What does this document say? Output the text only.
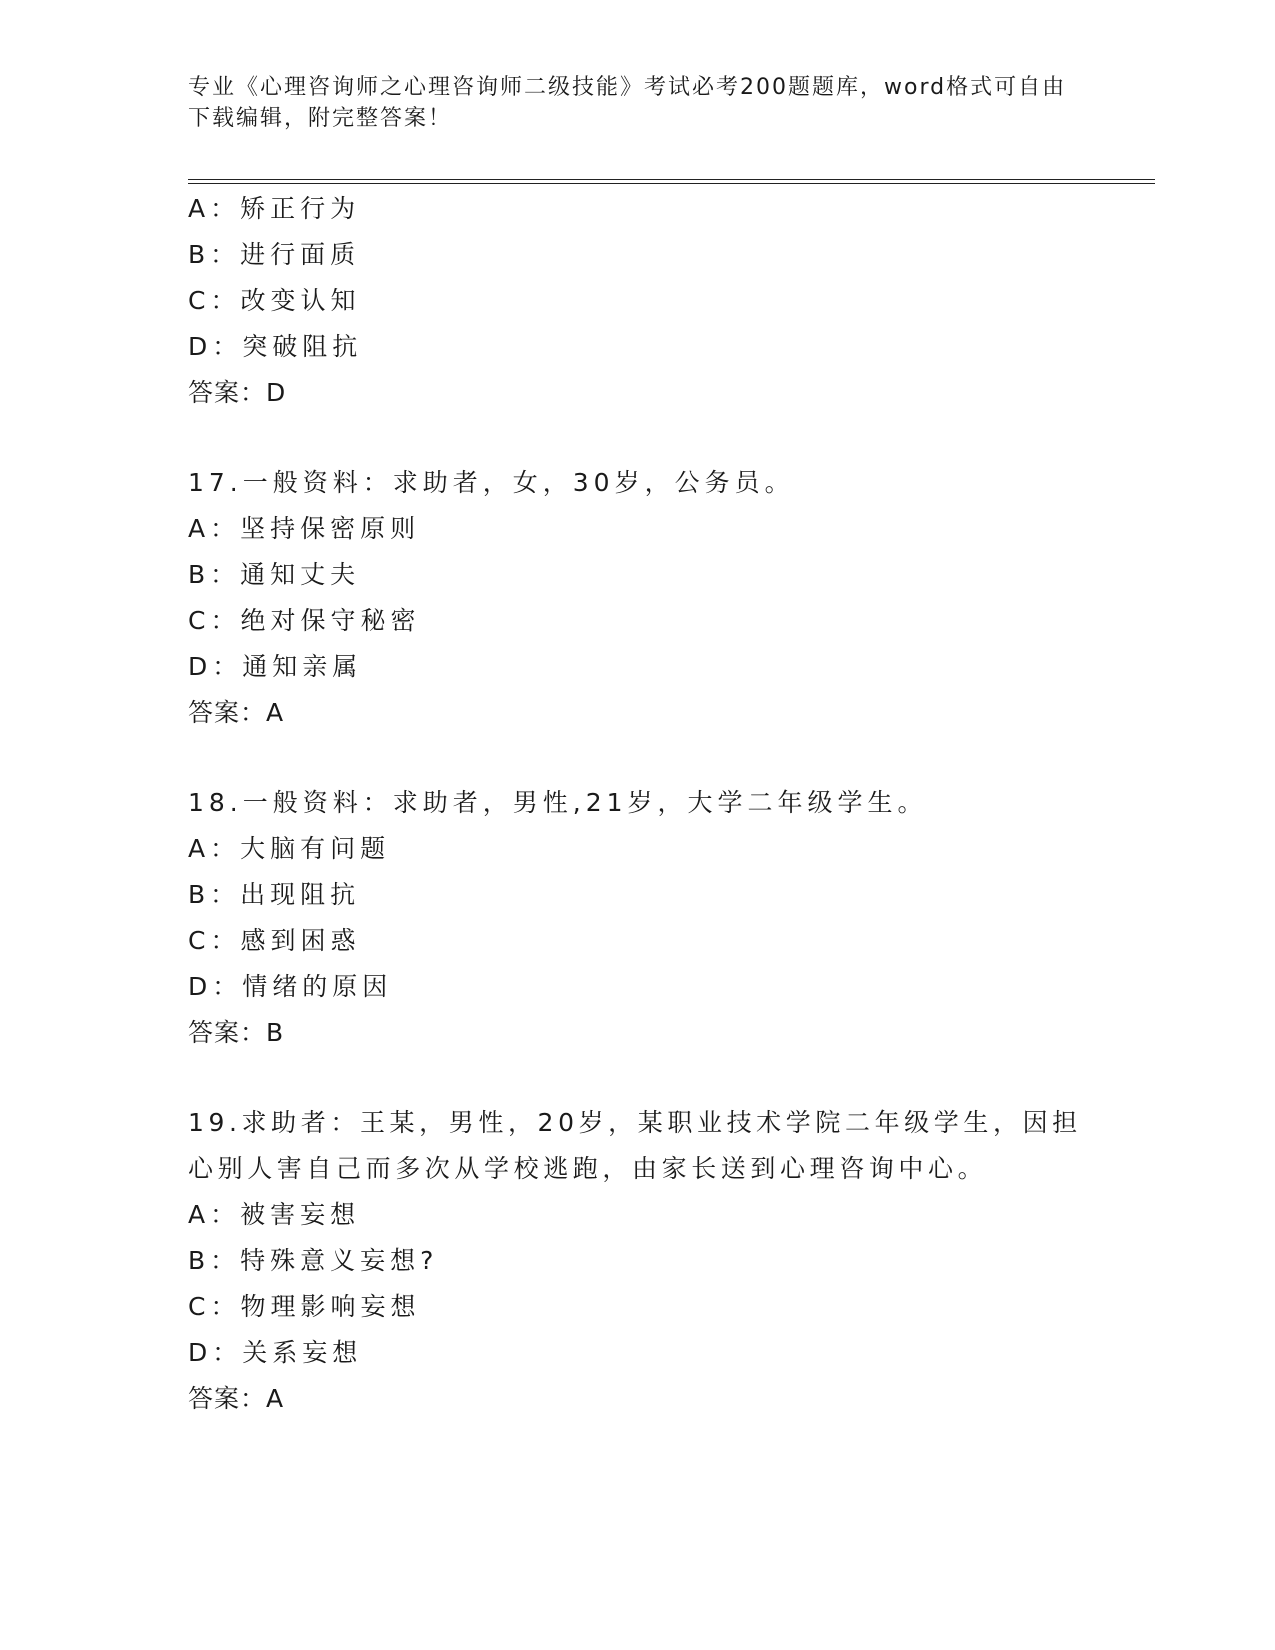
专业《心理咨询师之心理咨询师二级技能》考试必考200题题库，word格式可自由下载编辑，附完整答案！
A：矫正行为
B：进行面质
C：改变认知
D：突破阻抗
答案：D
17.一般资料：求助者，女，30岁，公务员。
A：坚持保密原则
B：通知丈夫
C：绝对保守秘密
D：通知亲属
答案：A
18.一般资料：求助者，男性,21岁，大学二年级学生。
A：大脑有问题
B：出现阻抗
C：感到困惑
D：情绪的原因
答案：B
19.求助者：王某，男性，20岁，某职业技术学院二年级学生，因担心别人害自己而多次从学校逃跑，由家长送到心理咨询中心。
A：被害妄想
B：特殊意义妄想?
C：物理影响妄想
D：关系妄想
答案：A
